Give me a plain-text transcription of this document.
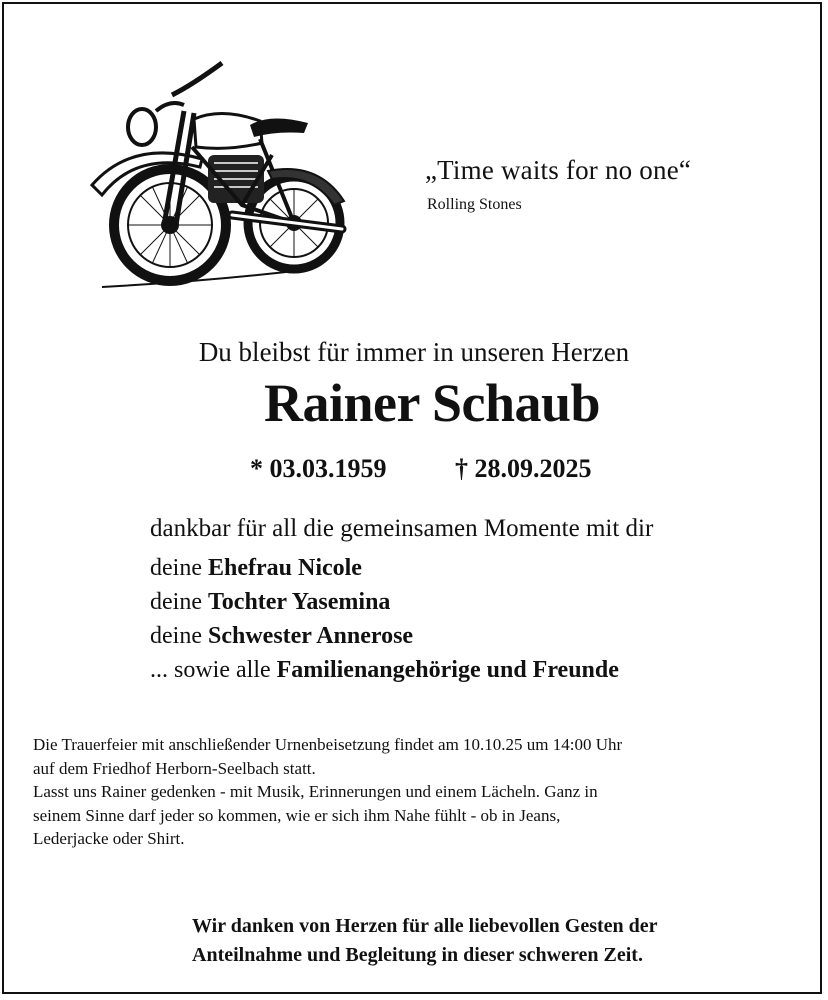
„Time waits for no one“
Rolling Stones
Du bleibst für immer in unseren Herzen
Rainer Schaub
* 03.03.1959	† 28.09.2025
dankbar für all die gemeinsamen Momente mit dir
deine Ehefrau Nicole
deine Tochter Yasemina
deine Schwester Annerose
... sowie alle Familienangehörige und Freunde

Die Trauerfeier mit anschließender Urnenbeisetzung findet am 10.10.25 um 14:00 Uhr

auf dem Friedhof Herborn-Seelbach statt.

Lasst uns Rainer gedenken - mit Musik, Erinnerungen und einem Lächeln. Ganz in

seinem Sinne darf jeder so kommen, wie er sich ihm Nahe fühlt - ob in Jeans,

Lederjacke oder Shirt.

Wir danken von Herzen für alle liebevollen Gesten der

Anteilnahme und Begleitung in dieser schweren Zeit.
